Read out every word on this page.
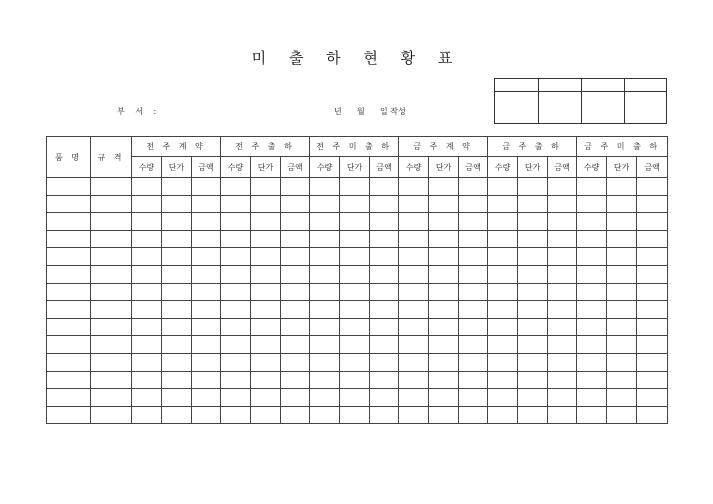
미 출 하 현 황 표

부 서 :	년      월      일 작성
품 명	규 격	전 주 계 약			전 주 출 하			전 주 미 출 하			금 주 계 약			금 주 출 하			금 주 미 출 하		
		수량	단가	금액	수량	단가	금액	수량	단가	금액	수량	단가	금액	수량	단가	금액	수량	단가	금액
